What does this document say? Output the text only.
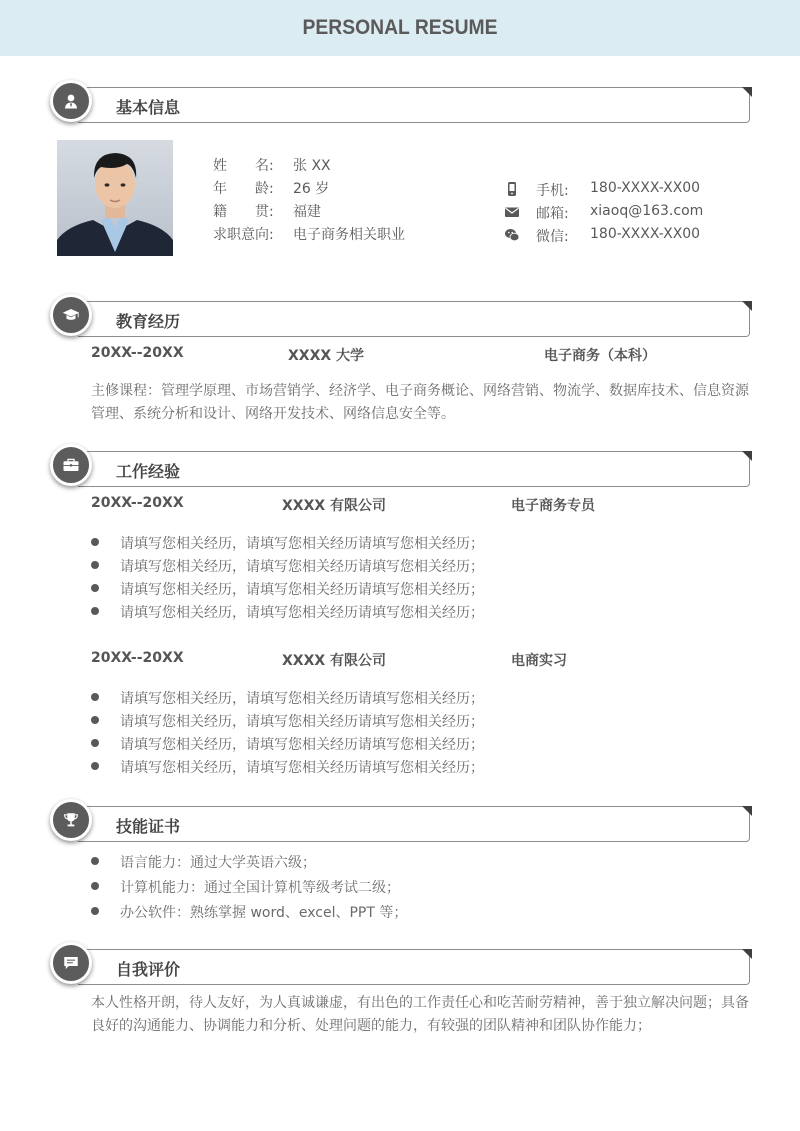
PERSONAL RESUME
基本信息
姓　　名: 张 XX
年　　龄: 26 岁
籍　　贯: 福建
求职意向: 电子商务相关职业
手机: 180-XXXX-XX00
邮箱: xiaoq@163.com
微信: 180-XXXX-XX00
教育经历
20XX--20XX	XXXX 大学	电子商务（本科）
主修课程：管理学原理、市场营销学、经济学、电子商务概论、网络营销、物流学、数据库技术、信息资源管理、系统分析和设计、网络开发技术、网络信息安全等。
工作经验
20XX--20XX	XXXX 有限公司	电子商务专员
请填写您相关经历，请填写您相关经历请填写您相关经历；
请填写您相关经历，请填写您相关经历请填写您相关经历；
请填写您相关经历，请填写您相关经历请填写您相关经历；
请填写您相关经历，请填写您相关经历请填写您相关经历；
20XX--20XX	XXXX 有限公司	电商实习
请填写您相关经历，请填写您相关经历请填写您相关经历；
请填写您相关经历，请填写您相关经历请填写您相关经历；
请填写您相关经历，请填写您相关经历请填写您相关经历；
请填写您相关经历，请填写您相关经历请填写您相关经历；
技能证书
语言能力：通过大学英语六级；
计算机能力：通过全国计算机等级考试二级；
办公软件：熟练掌握 word、excel、PPT 等；
自我评价
本人性格开朗，待人友好，为人真诚谦虚，有出色的工作责任心和吃苦耐劳精神，善于独立解决问题；具备良好的沟通能力、协调能力和分析、处理问题的能力，有较强的团队精神和团队协作能力；
